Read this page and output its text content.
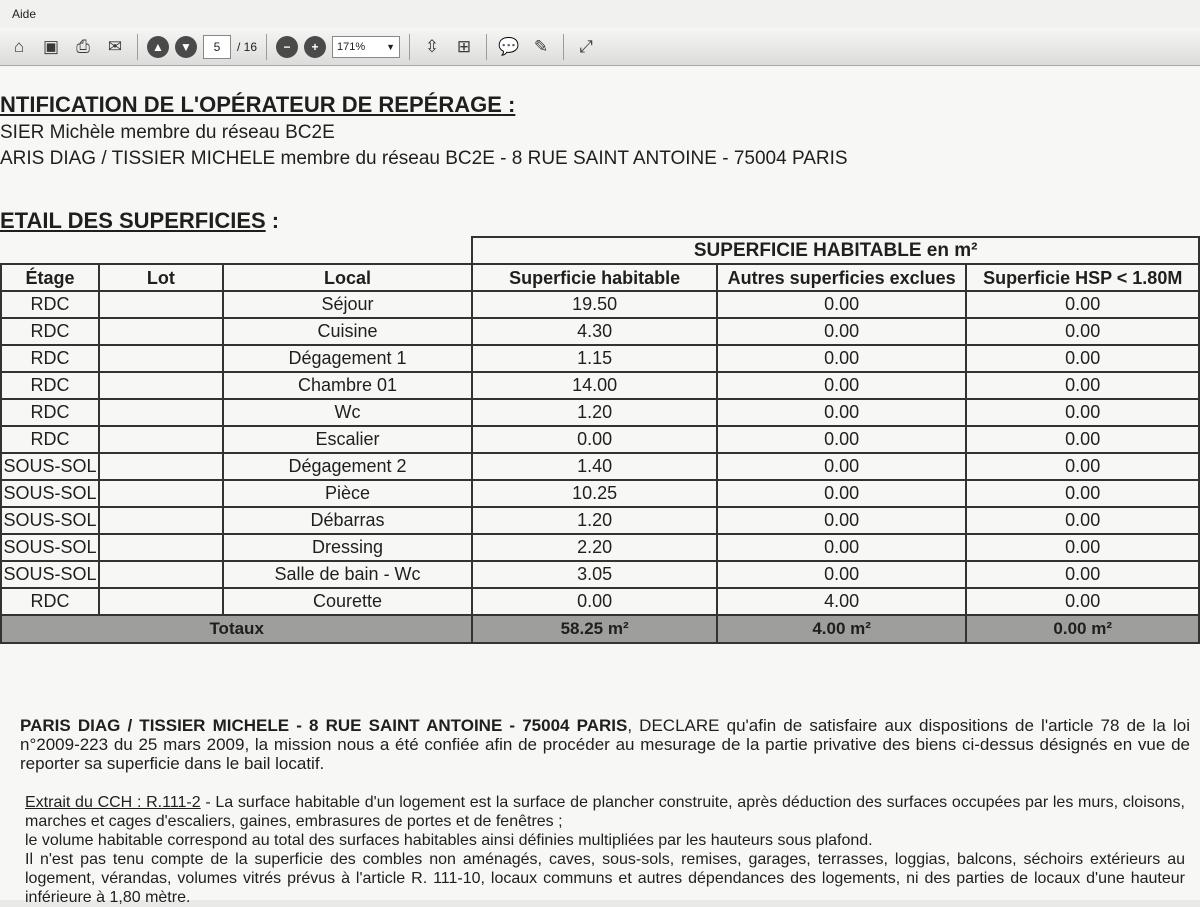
Aide
⌂	▣	⎙	✉	▲	▼	5	/ 16	−	+	171% ▼	⇳	⊞	💬 ✎	⤢
NTIFICATION DE L'OPÉRATEUR DE REPÉRAGE :
SIER Michèle membre du réseau BC2E
ARIS DIAG / TISSIER MICHELE membre du réseau BC2E - 8 RUE SAINT ANTOINE - 75004 PARIS
ETAIL DES SUPERFICIES :
			SUPERFICIE HABITABLE en m²		
Étage	Lot	Local	Superficie habitable	Autres superficies exclues	Superficie HSP < 1.80M
RDC		Séjour	19.50	0.00	0.00
RDC		Cuisine	4.30	0.00	0.00
RDC		Dégagement 1	1.15	0.00	0.00
RDC		Chambre 01	14.00	0.00	0.00
RDC		Wc	1.20	0.00	0.00
RDC		Escalier	0.00	0.00	0.00
SOUS-SOL		Dégagement 2	1.40	0.00	0.00
SOUS-SOL		Pièce	10.25	0.00	0.00
SOUS-SOL		Débarras	1.20	0.00	0.00
SOUS-SOL		Dressing	2.20	0.00	0.00
SOUS-SOL		Salle de bain - Wc	3.05	0.00	0.00
RDC		Courette	0.00	4.00	0.00
Totaux			58.25 m²	4.00 m²	0.00 m²
PARIS DIAG / TISSIER MICHELE - 8 RUE SAINT ANTOINE - 75004 PARIS, DECLARE qu'afin de satisfaire aux dispositions de l'article 78 de la loi n°2009-223 du 25 mars 2009, la mission nous a été confiée afin de procéder au mesurage de la partie privative des biens ci-dessus désignés en vue de reporter sa superficie dans le bail locatif.
Extrait du CCH : R.111-2 - La surface habitable d'un logement est la surface de plancher construite, après déduction des surfaces occupées par les murs, cloisons, marches et cages d'escaliers, gaines, embrasures de portes et de fenêtres ;
le volume habitable correspond au total des surfaces habitables ainsi définies multipliées par les hauteurs sous plafond.
Il n'est pas tenu compte de la superficie des combles non aménagés, caves, sous-sols, remises, garages, terrasses, loggias, balcons, séchoirs extérieurs au logement, vérandas, volumes vitrés prévus à l'article R. 111-10, locaux communs et autres dépendances des logements, ni des parties de locaux d'une hauteur inférieure à 1,80 mètre.
